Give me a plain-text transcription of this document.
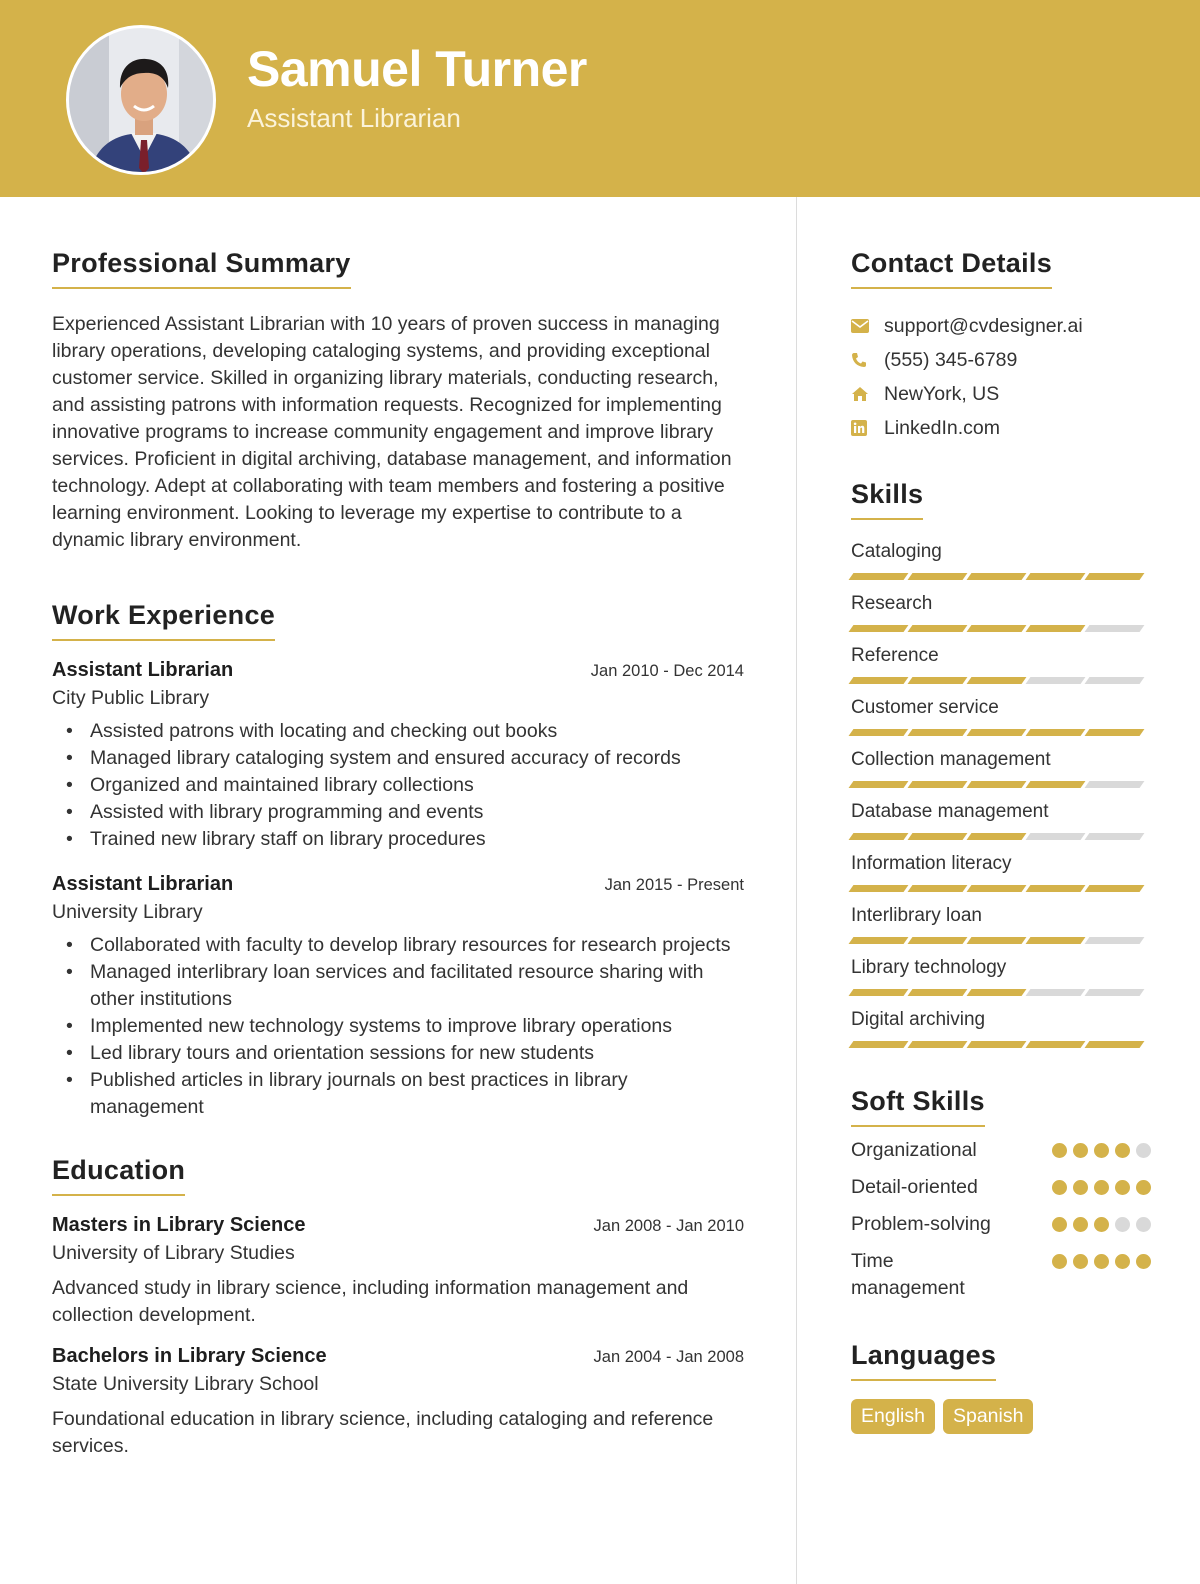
Samuel Turner
Assistant Librarian
Professional Summary

Experienced Assistant Librarian with 10 years of proven success in managing library operations, developing cataloging systems, and providing exceptional customer service. Skilled in organizing library materials, conducting research, and assisting patrons with information requests. Recognized for implementing innovative programs to increase community engagement and improve library services. Proficient in digital archiving, database management, and information technology. Adept at collaborating with team members and fostering a positive learning environment. Looking to leverage my expertise to contribute to a dynamic library environment.

Work Experience
Assistant Librarian	Jan 2010 - Dec 2014
City Public Library
• Assisted patrons with locating and checking out books
• Managed library cataloging system and ensured accuracy of records
• Organized and maintained library collections
• Assisted with library programming and events
• Trained new library staff on library procedures
Assistant Librarian	Jan 2015 - Present
University Library
• Collaborated with faculty to develop library resources for research projects
• Managed interlibrary loan services and facilitated resource sharing with other institutions
• Implemented new technology systems to improve library operations
• Led library tours and orientation sessions for new students
• Published articles in library journals on best practices in library management
Education
Masters in Library Science	Jan 2008 - Jan 2010
University of Library Studies
Advanced study in library science, including information management and collection development.
Bachelors in Library Science	Jan 2004 - Jan 2008
State University Library School
Foundational education in library science, including cataloging and reference services.
Contact Details
support@cvdesigner.ai
(555) 345-6789
NewYork, US
LinkedIn.com
Skills
Cataloging
Research
Reference
Customer service
Collection management
Database management
Information literacy
Interlibrary loan
Library technology
Digital archiving
Soft Skills
Organizational
Detail-oriented
Problem-solving
Time management
Languages
English	Spanish
